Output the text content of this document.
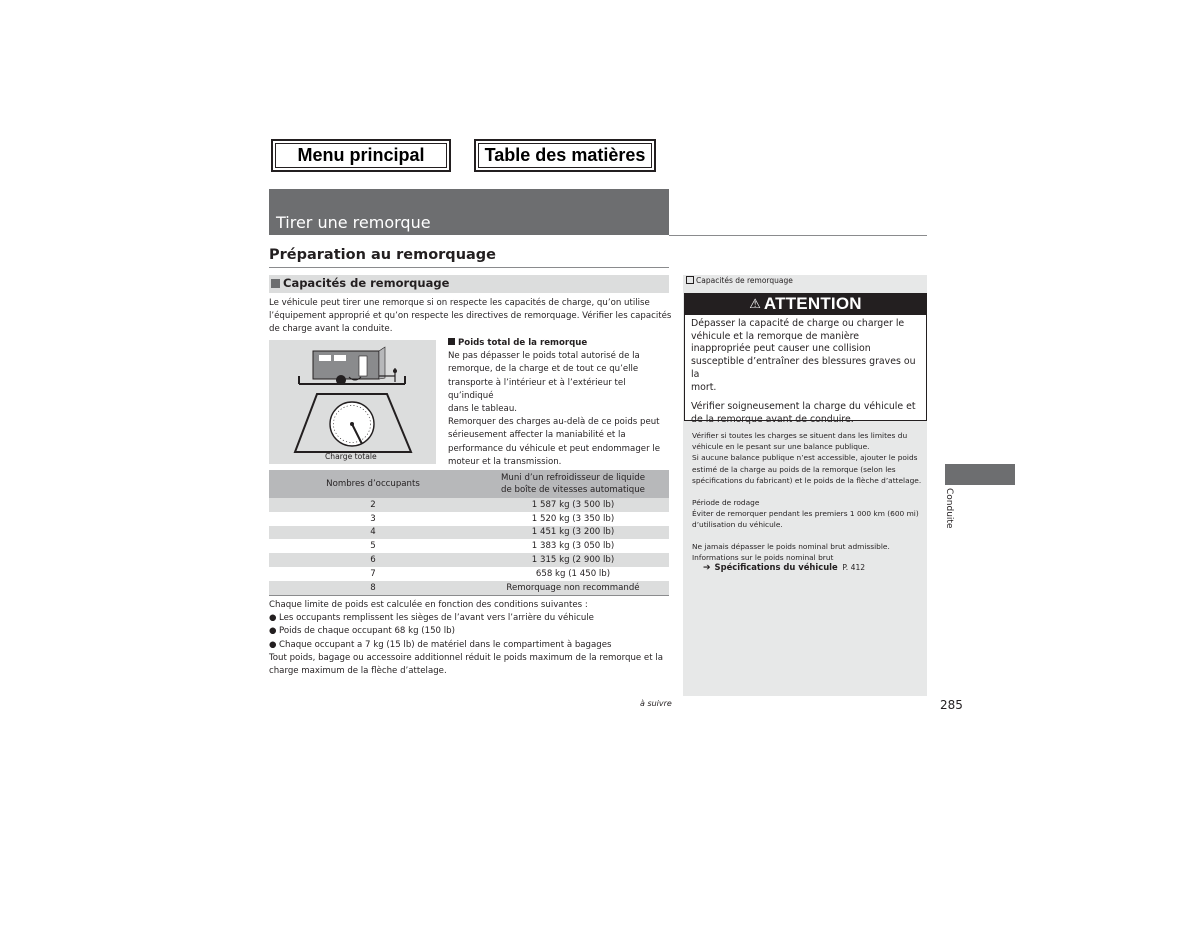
Menu principal	Table des matières
Tirer une remorque
Préparation au remorquage
Capacités de remorquage
Le véhicule peut tirer une remorque si on respecte les capacités de charge, qu’on utilise
l’équipement approprié et qu’on respecte les directives de remorquage. Vérifier les capacités
de charge avant la conduite.
Charge totale
Poids total de la remorque
Ne pas dépasser le poids total autorisé de la
remorque, de la charge et de tout ce qu’elle
transporte à l’intérieur et à l’extérieur tel qu’indiqué
dans le tableau.
Remorquer des charges au-delà de ce poids peut
sérieusement affecter la maniabilité et la
performance du véhicule et peut endommager le
moteur et la transmission.
Nombres d’occupants	Muni d’un refroidisseur de liquide
de boîte de vitesses automatique

2	1 587 kg (3 500 lb)
3	1 520 kg (3 350 lb)
4	1 451 kg (3 200 lb)
5	1 383 kg (3 050 lb)
6	1 315 kg (2 900 lb)
7	658 kg (1 450 lb)
8	Remorquage non recommandé
Chaque limite de poids est calculée en fonction des conditions suivantes :
● Les occupants remplissent les sièges de l’avant vers l’arrière du véhicule
● Poids de chaque occupant 68 kg (150 lb)
● Chaque occupant a 7 kg (15 lb) de matériel dans le compartiment à bagages
Tout poids, bagage ou accessoire additionnel réduit le poids maximum de la remorque et la
charge maximum de la flèche d’attelage.
Capacités de remorquage
⚠ ATTENTION
Dépasser la capacité de charge ou charger le
véhicule et la remorque de manière
inappropriée peut causer une collision
susceptible d’entraîner des blessures graves ou la
mort.
Vérifier soigneusement la charge du véhicule et
de la remorque avant de conduire.
Vérifier si toutes les charges se situent dans les limites du
véhicule en le pesant sur une balance publique.
Si aucune balance publique n’est accessible, ajouter le poids
estimé de la charge au poids de la remorque (selon les
spécifications du fabricant) et le poids de la flèche d’attelage.
Période de rodage
Éviter de remorquer pendant les premiers 1 000 km (600 mi)
d’utilisation du véhicule.
Ne jamais dépasser le poids nominal brut admissible.
Informations sur le poids nominal brut
➔ Spécifications du véhicule P. 412
Conduite
à suivre	285
